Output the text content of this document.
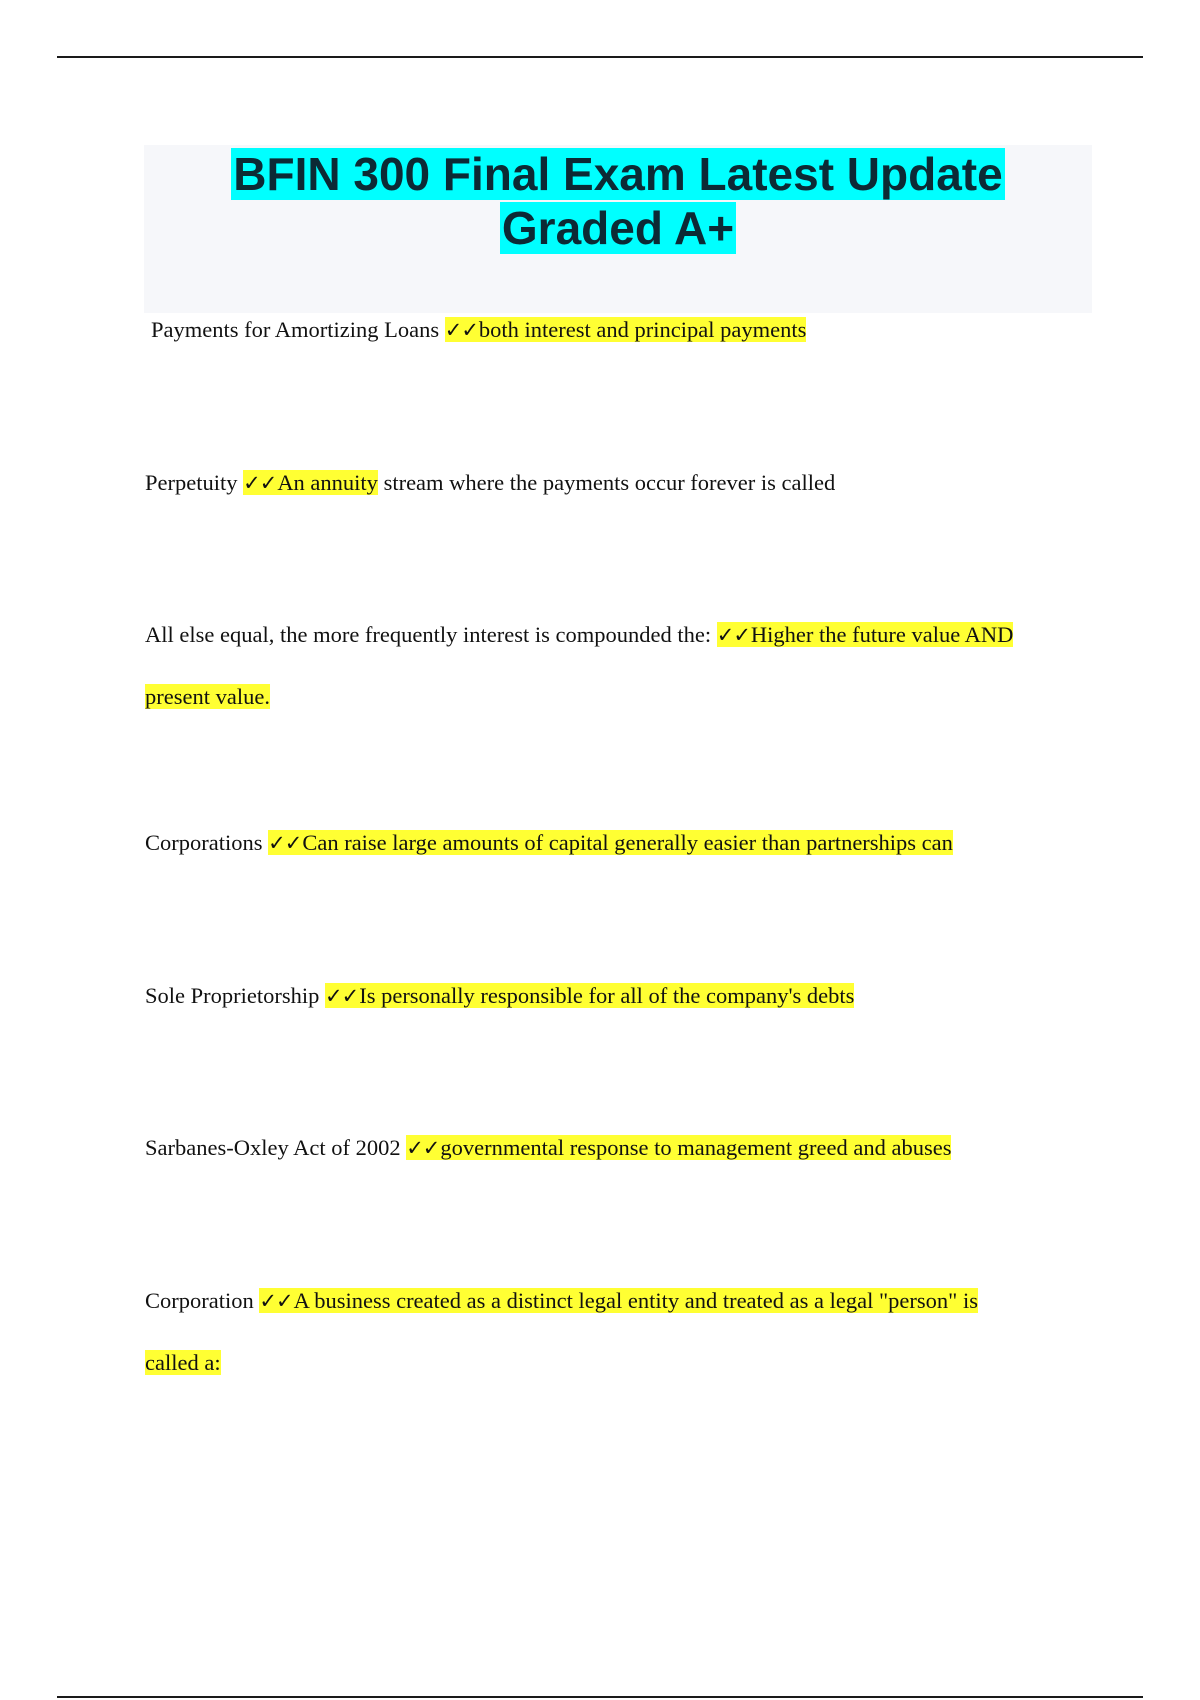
BFIN 300 Final Exam Latest Update
Graded A+
Payments for Amortizing Loans ✓✓both interest and principal payments
Perpetuity ✓✓An annuity stream where the payments occur forever is called
All else equal, the more frequently interest is compounded the: ✓✓Higher the future value AND
present value.
Corporations ✓✓Can raise large amounts of capital generally easier than partnerships can
Sole Proprietorship ✓✓Is personally responsible for all of the company's debts
Sarbanes-Oxley Act of 2002 ✓✓governmental response to management greed and abuses
Corporation ✓✓A business created as a distinct legal entity and treated as a legal "person" is
called a:
